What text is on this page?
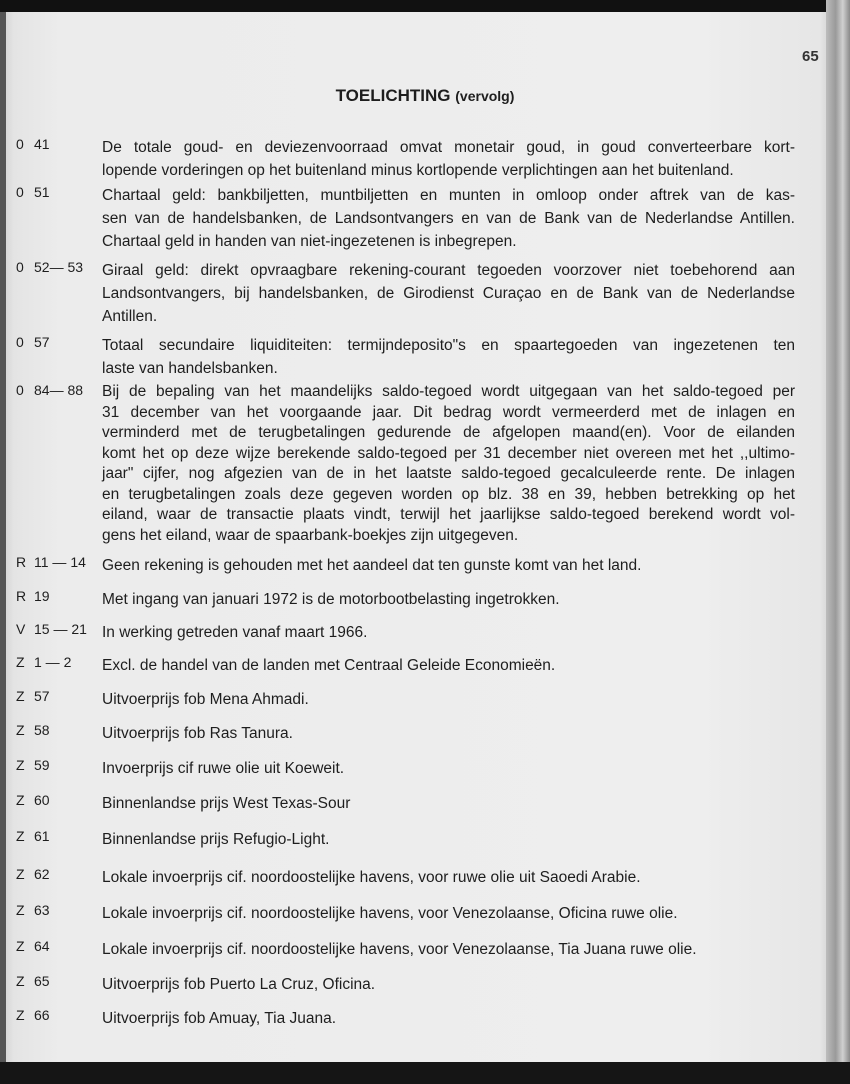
65
TOELICHTING (vervolg)
0 41	De totale goud- en deviezenvoorraad omvat monetair goud, in goud converteerbare kort-
lopende vorderingen op het buitenland minus kortlopende verplichtingen aan het buitenland.
0 51	Chartaal geld: bankbiljetten, muntbiljetten en munten in omloop onder aftrek van de kas-
sen van de handelsbanken, de Landsontvangers en van de Bank van de Nederlandse Antillen.
Chartaal geld in handen van niet-ingezetenen is inbegrepen.
0 52— 53 Giraal geld: direkt opvraagbare rekening-courant tegoeden voorzover niet toebehorend aan
Landsontvangers, bij handelsbanken, de Girodienst Curaçao en de Bank van de Nederlandse
Antillen.
0 57	Totaal secundaire liquiditeiten: termijndeposito"s en spaartegoeden van ingezetenen ten
laste van handelsbanken.
0 84— 88 Bij de bepaling van het maandelijks saldo-tegoed wordt uitgegaan van het saldo-tegoed per
31 december van het voorgaande jaar. Dit bedrag wordt vermeerderd met de inlagen en
verminderd met de terugbetalingen gedurende de afgelopen maand(en). Voor de eilanden
komt het op deze wijze berekende saldo-tegoed per 31 december niet overeen met het ,,ultimo-
jaar" cijfer, nog afgezien van de in het laatste saldo-tegoed gecalculeerde rente. De inlagen
en terugbetalingen zoals deze gegeven worden op blz. 38 en 39, hebben betrekking op het
eiland, waar de transactie plaats vindt, terwijl het jaarlijkse saldo-tegoed berekend wordt vol-
gens het eiland, waar de spaarbank-boekjes zijn uitgegeven.
R 11 — 14 Geen rekening is gehouden met het aandeel dat ten gunste komt van het land.
R 19	Met ingang van januari 1972 is de motorbootbelasting ingetrokken.
V 15 — 21 In werking getreden vanaf maart 1966.
Z 1 — 2 Excl. de handel van de landen met Centraal Geleide Economieën.
Z 57	Uitvoerprijs fob Mena Ahmadi.
Z 58	Uitvoerprijs fob Ras Tanura.
Z 59	Invoerprijs cif ruwe olie uit Koeweit.
Z 60	Binnenlandse prijs West Texas-Sour
Z 61	Binnenlandse prijs Refugio-Light.
Z 62	Lokale invoerprijs cif. noordoostelijke havens, voor ruwe olie uit Saoedi Arabie.
Z 63	Lokale invoerprijs cif. noordoostelijke havens, voor Venezolaanse, Oficina ruwe olie.
Z 64	Lokale invoerprijs cif. noordoostelijke havens, voor Venezolaanse, Tia Juana ruwe olie.
Z 65	Uitvoerprijs fob Puerto La Cruz, Oficina.
Z 66	Uitvoerprijs fob Amuay, Tia Juana.
